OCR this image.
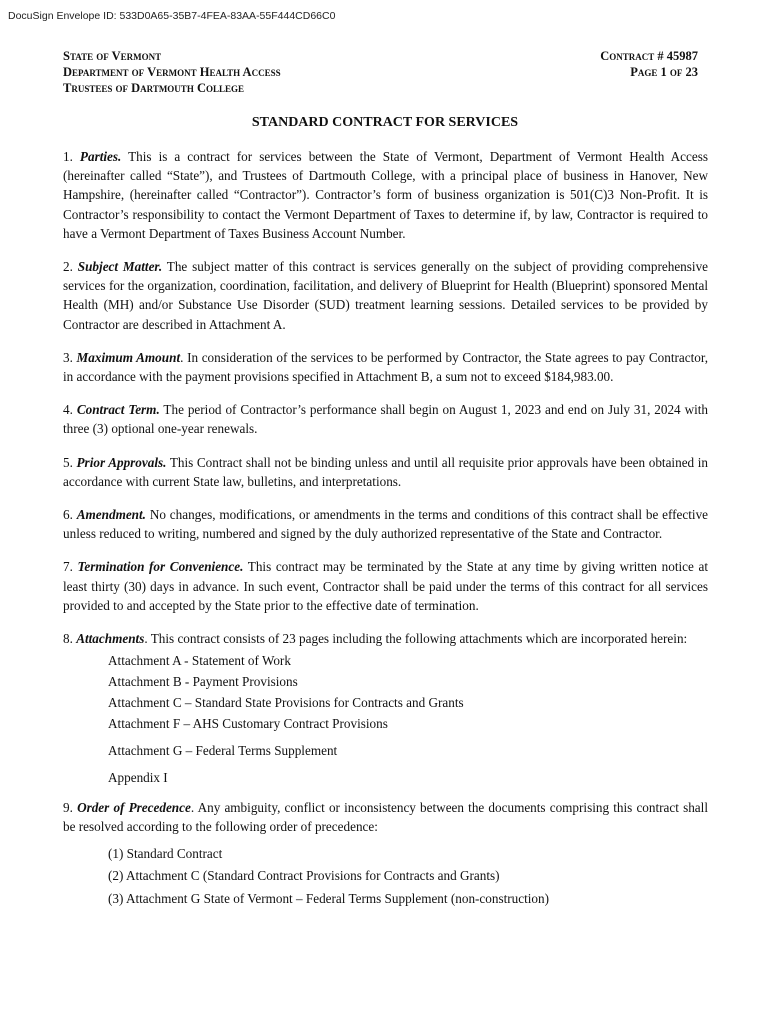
DocuSign Envelope ID: 533D0A65-35B7-4FEA-83AA-55F444CD66C0
State of Vermont
Department of Vermont Health Access
Trustees of Dartmouth College
Contract # 45987
Page 1 of 23
STANDARD CONTRACT FOR SERVICES

1. Parties. This is a contract for services between the State of Vermont, Department of Vermont Health Access (hereinafter called “State”), and Trustees of Dartmouth College, with a principal place of business in Hanover, New Hampshire, (hereinafter called “Contractor”). Contractor’s form of business organization is 501(C)3 Non-Profit. It is Contractor’s responsibility to contact the Vermont Department of Taxes to determine if, by law, Contractor is required to have a Vermont Department of Taxes Business Account Number.

2. Subject Matter. The subject matter of this contract is services generally on the subject of providing comprehensive services for the organization, coordination, facilitation, and delivery of Blueprint for Health (Blueprint) sponsored Mental Health (MH) and/or Substance Use Disorder (SUD) treatment learning sessions. Detailed services to be provided by Contractor are described in Attachment A.

3. Maximum Amount. In consideration of the services to be performed by Contractor, the State agrees to pay Contractor, in accordance with the payment provisions specified in Attachment B, a sum not to exceed $184,983.00.

4. Contract Term. The period of Contractor’s performance shall begin on August 1, 2023 and end on July 31, 2024 with three (3) optional one-year renewals.

5. Prior Approvals. This Contract shall not be binding unless and until all requisite prior approvals have been obtained in accordance with current State law, bulletins, and interpretations.

6. Amendment. No changes, modifications, or amendments in the terms and conditions of this contract shall be effective unless reduced to writing, numbered and signed by the duly authorized representative of the State and Contractor.

7. Termination for Convenience. This contract may be terminated by the State at any time by giving written notice at least thirty (30) days in advance. In such event, Contractor shall be paid under the terms of this contract for all services provided to and accepted by the State prior to the effective date of termination.

8. Attachments. This contract consists of 23 pages including the following attachments which are incorporated herein:

Attachment A - Statement of Work
Attachment B - Payment Provisions
Attachment C – Standard State Provisions for Contracts and Grants
Attachment F – AHS Customary Contract Provisions
Attachment G – Federal Terms Supplement
Appendix I

9. Order of Precedence. Any ambiguity, conflict or inconsistency between the documents comprising this contract shall be resolved according to the following order of precedence:

(1) Standard Contract
(2) Attachment C (Standard Contract Provisions for Contracts and Grants)
(3) Attachment G State of Vermont – Federal Terms Supplement (non-construction)
